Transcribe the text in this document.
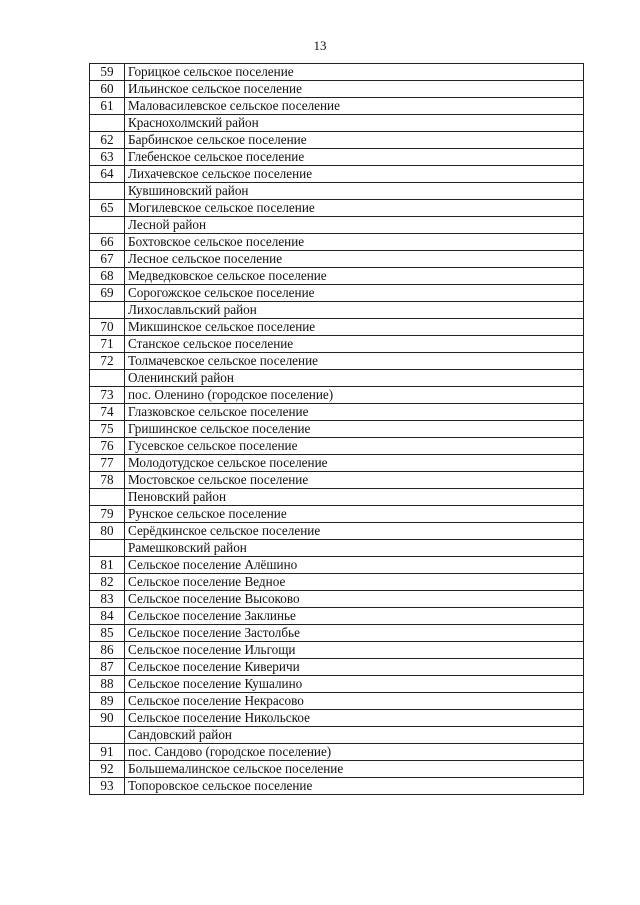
13
59	Горицкое сельское поселение
60	Ильинское сельское поселение
61	Маловасилевское сельское поселение
	Краснохолмский район
62	Барбинское сельское поселение
63	Глебенское сельское поселение
64	Лихачевское сельское поселение
	Кувшиновский район
65	Могилевское сельское поселение
	Лесной район
66	Бохтовское сельское поселение
67	Лесное сельское поселение
68	Медведковское сельское поселение
69	Сорогожское сельское поселение
	Лихославльский район
70	Микшинское сельское поселение
71	Станское сельское поселение
72	Толмачевское сельское поселение
	Оленинский район
73	пос. Оленино (городское поселение)
74	Глазковское сельское поселение
75	Гришинское сельское поселение
76	Гусевское сельское поселение
77	Молодотудское сельское поселение
78	Мостовское сельское поселение
	Пеновский район
79	Рунское сельское поселение
80	Серёдкинское сельское поселение
	Рамешковский район
81	Сельское поселение Алёшино
82	Сельское поселение Ведное
83	Сельское поселение Высоково
84	Сельское поселение Заклинье
85	Сельское поселение Застолбье
86	Сельское поселение Ильгощи
87	Сельское поселение Киверичи
88	Сельское поселение Кушалино
89	Сельское поселение Некрасово
90	Сельское поселение Никольское
	Сандовский район
91	пос. Сандово (городское поселение)
92	Большемалинское сельское поселение
93	Топоровское сельское поселение
